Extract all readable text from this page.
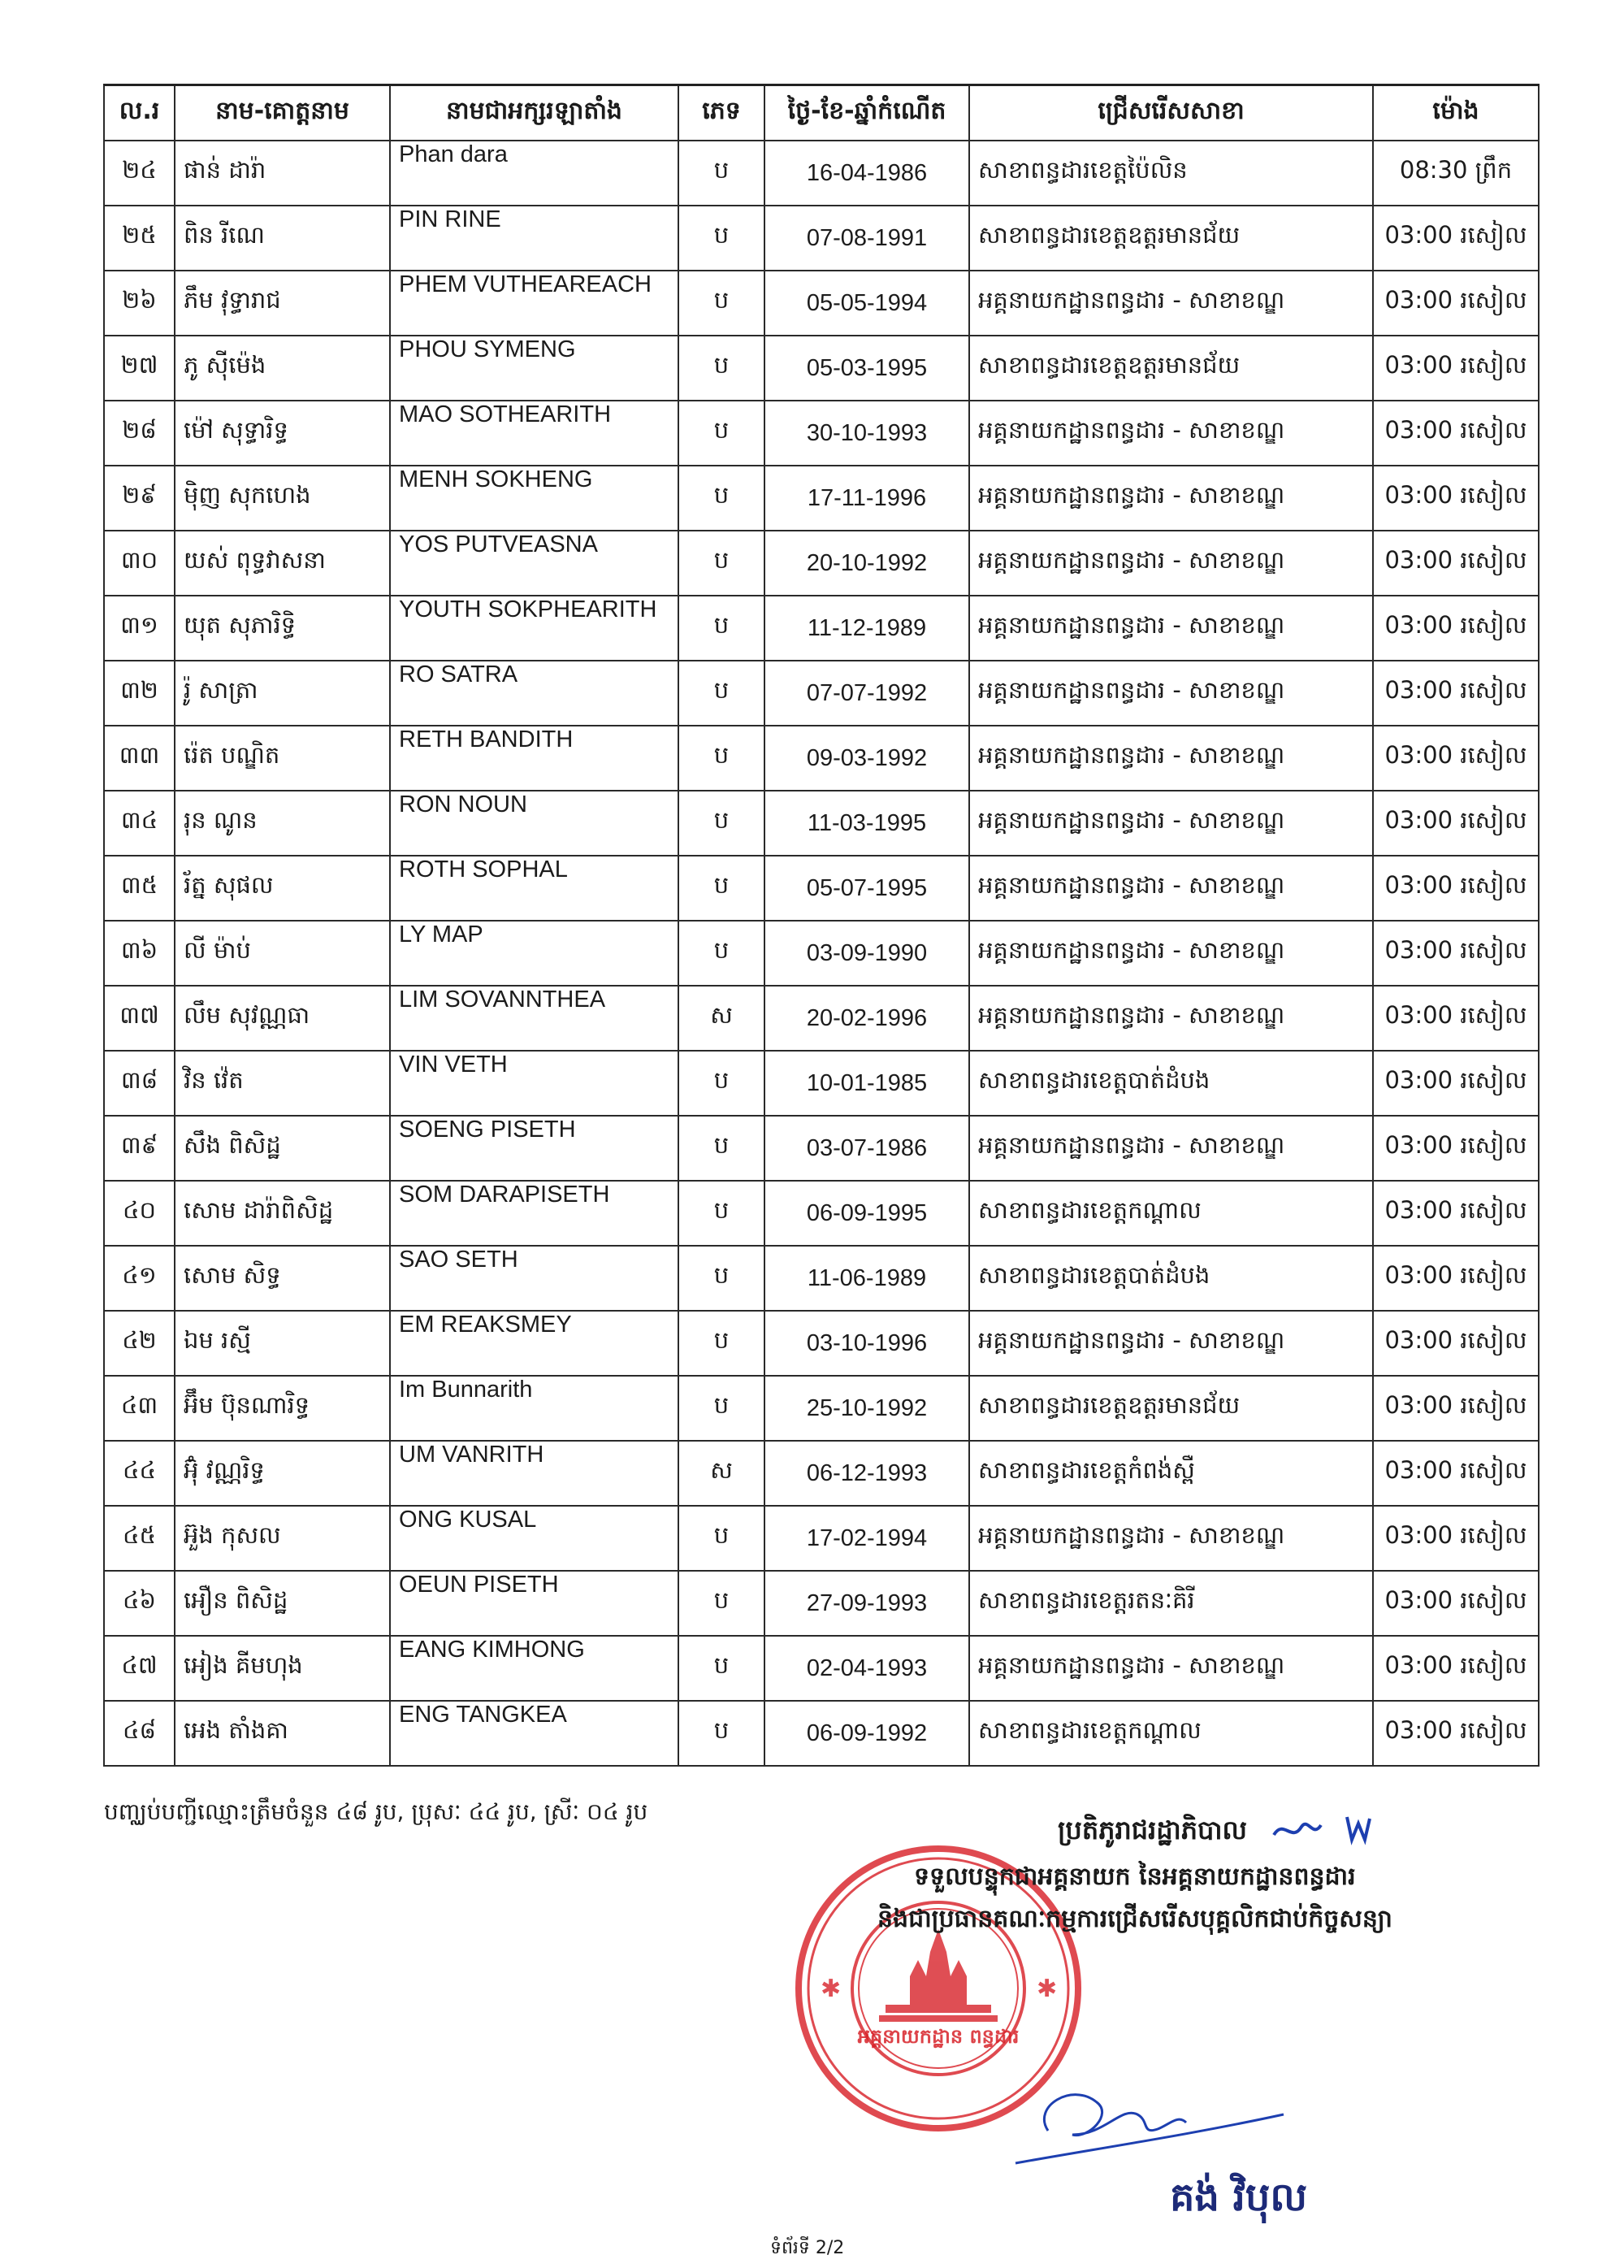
ល.រ	នាម-គោត្តនាម	នាមជាអក្សរឡាតាំង	ភេទ	ថ្ងៃ-ខែ-ឆ្នាំកំណើត	ជ្រើសរើសសាខា	ម៉ោង
២៤	ផាន់ ដារ៉ា	Phan dara	ប	16-04-1986	សាខាពន្ធដារខេត្តប៉ៃលិន	08:30 ព្រឹក
២៥	ពិន រីណេ	PIN RINE	ប	07-08-1991	សាខាពន្ធដារខេត្តឧត្តរមានជ័យ	03:00 រសៀល
២៦	ភឹម វុទ្ធារាជ	PHEM VUTHEAREACH	ប	05-05-1994	អគ្គនាយកដ្ឋានពន្ធដារ - សាខាខណ្ឌ	03:00 រសៀល
២៧	ភូ ស៊ីម៉េង	PHOU SYMENG	ប	05-03-1995	សាខាពន្ធដារខេត្តឧត្តរមានជ័យ	03:00 រសៀល
២៨	ម៉ៅ សុទ្ធារិទ្ធ	MAO SOTHEARITH	ប	30-10-1993	អគ្គនាយកដ្ឋានពន្ធដារ - សាខាខណ្ឌ	03:00 រសៀល
២៩	ម៉ិញ សុកហេង	MENH SOKHENG	ប	17-11-1996	អគ្គនាយកដ្ឋានពន្ធដារ - សាខាខណ្ឌ	03:00 រសៀល
៣០	យស់ ពុទ្ធវាសនា	YOS PUTVEASNA	ប	20-10-1992	អគ្គនាយកដ្ឋានពន្ធដារ - សាខាខណ្ឌ	03:00 រសៀល
៣១	យុត សុភារិទ្ធិ	YOUTH SOKPHEARITH	ប	11-12-1989	អគ្គនាយកដ្ឋានពន្ធដារ - សាខាខណ្ឌ	03:00 រសៀល
៣២	រ៉ូ សាត្រា	RO SATRA	ប	07-07-1992	អគ្គនាយកដ្ឋានពន្ធដារ - សាខាខណ្ឌ	03:00 រសៀល
៣៣	រ៉េត បណ្ឌិត	RETH BANDITH	ប	09-03-1992	អគ្គនាយកដ្ឋានពន្ធដារ - សាខាខណ្ឌ	03:00 រសៀល
៣៤	រុន ណូន	RON NOUN	ប	11-03-1995	អគ្គនាយកដ្ឋានពន្ធដារ - សាខាខណ្ឌ	03:00 រសៀល
៣៥	រ័ត្ន សុផល	ROTH SOPHAL	ប	05-07-1995	អគ្គនាយកដ្ឋានពន្ធដារ - សាខាខណ្ឌ	03:00 រសៀល
៣៦	លី ម៉ាប់	LY MAP	ប	03-09-1990	អគ្គនាយកដ្ឋានពន្ធដារ - សាខាខណ្ឌ	03:00 រសៀល
៣៧	លឹម សុវណ្ណធា	LIM SOVANNTHEA	ស	20-02-1996	អគ្គនាយកដ្ឋានពន្ធដារ - សាខាខណ្ឌ	03:00 រសៀល
៣៨	វិន វ៉េត	VIN VETH	ប	10-01-1985	សាខាពន្ធដារខេត្តបាត់ដំបង	03:00 រសៀល
៣៩	សឹង ពិសិដ្ឋ	SOENG PISETH	ប	03-07-1986	អគ្គនាយកដ្ឋានពន្ធដារ - សាខាខណ្ឌ	03:00 រសៀល
៤០	សោម ដារ៉ាពិសិដ្ឋ	SOM DARAPISETH	ប	06-09-1995	សាខាពន្ធដារខេត្តកណ្ដាល	03:00 រសៀល
៤១	សោម សិទ្ធ	SAO SETH	ប	11-06-1989	សាខាពន្ធដារខេត្តបាត់ដំបង	03:00 រសៀល
៤២	ឯម រស្មី	EM REAKSMEY	ប	03-10-1996	អគ្គនាយកដ្ឋានពន្ធដារ - សាខាខណ្ឌ	03:00 រសៀល
៤៣	អ៊ឹម ប៊ុនណារិទ្ធ	Im Bunnarith	ប	25-10-1992	សាខាពន្ធដារខេត្តឧត្តរមានជ័យ	03:00 រសៀល
៤៤	អ៊ុំ វណ្ណរិទ្ធ	UM VANRITH	ស	06-12-1993	សាខាពន្ធដារខេត្តកំពង់ស្ពឺ	03:00 រសៀល
៤៥	អ៊ួង កុសល	ONG KUSAL	ប	17-02-1994	អគ្គនាយកដ្ឋានពន្ធដារ - សាខាខណ្ឌ	03:00 រសៀល
៤៦	អឿន ពិសិដ្ឋ	OEUN PISETH	ប	27-09-1993	សាខាពន្ធដារខេត្តរតនៈគិរី	03:00 រសៀល
៤៧	អៀង គីមហុង	EANG KIMHONG	ប	02-04-1993	អគ្គនាយកដ្ឋានពន្ធដារ - សាខាខណ្ឌ	03:00 រសៀល
៤៨	អេង តាំងគា	ENG TANGKEA	ប	06-09-1992	សាខាពន្ធដារខេត្តកណ្ដាល	03:00 រសៀល
បញ្ឈប់បញ្ជីឈ្មោះត្រឹមចំនួន ៤៨ រូប, ប្រុសៈ ៤៤ រូប, ស្រីៈ ០៤ រូប
✱	✱
អគ្គនាយកដ្ឋាន ពន្ធដារ
ប្រតិភូរាជរដ្ឋាភិបាល
ទទួលបន្ទុកជាអគ្គនាយក នៃអគ្គនាយកដ្ឋានពន្ធដារ
និងជាប្រធានគណៈកម្មការជ្រើសរើសបុគ្គលិកជាប់កិច្ចសន្យា
គង់ វិបុល
ទំព័រទី 2/2
